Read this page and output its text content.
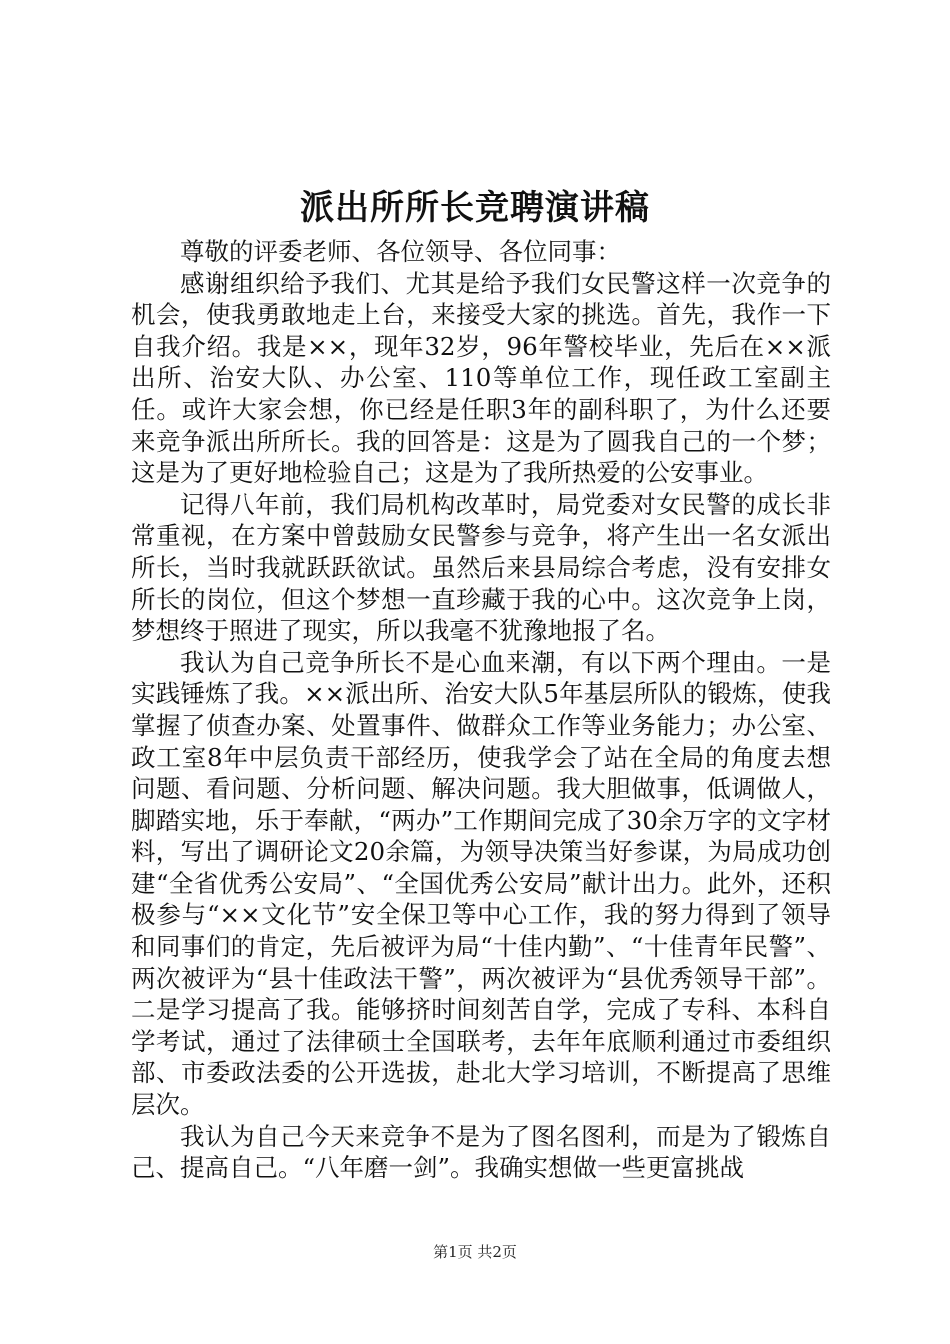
派出所所长竞聘演讲稿

尊敬的评委老师、各位领导、各位同事：

感谢组织给予我们、尤其是给予我们女民警这样一次竞争的机会，使我勇敢地走上台，来接受大家的挑选。首先，我作一下自我介绍。我是××，现年32岁，96年警校毕业，先后在××派出所、治安大队、办公室、110等单位工作，现任政工室副主任。或许大家会想，你已经是任职3年的副科职了，为什么还要来竞争派出所所长。我的回答是：这是为了圆我自己的一个梦；这是为了更好地检验自己；这是为了我所热爱的公安事业。

记得八年前，我们局机构改革时，局党委对女民警的成长非常重视，在方案中曾鼓励女民警参与竞争，将产生出一名女派出所长，当时我就跃跃欲试。虽然后来县局综合考虑，没有安排女所长的岗位，但这个梦想一直珍藏于我的心中。这次竞争上岗，梦想终于照进了现实，所以我毫不犹豫地报了名。

我认为自己竞争所长不是心血来潮，有以下两个理由。一是实践锤炼了我。××派出所、治安大队5年基层所队的锻炼，使我掌握了侦查办案、处置事件、做群众工作等业务能力；办公室、政工室8年中层负责干部经历，使我学会了站在全局的角度去想问题、看问题、分析问题、解决问题。我大胆做事，低调做人，脚踏实地，乐于奉献，“两办”工作期间完成了30余万字的文字材料，写出了调研论文20余篇，为领导决策当好参谋，为局成功创建“全省优秀公安局”、“全国优秀公安局”献计出力。此外，还积极参与“××文化节”安全保卫等中心工作，我的努力得到了领导和同事们的肯定，先后被评为局“十佳内勤”、“十佳青年民警”、两次被评为“县十佳政法干警”，两次被评为“县优秀领导干部”。二是学习提高了我。能够挤时间刻苦自学，完成了专科、本科自学考试，通过了法律硕士全国联考，去年年底顺利通过市委组织部、市委政法委的公开选拔，赴北大学习培训，不断提高了思维层次。

我认为自己今天来竞争不是为了图名图利，而是为了锻炼自己、提高自己。“八年磨一剑”。我确实想做一些更富挑战

第1页 共2页
